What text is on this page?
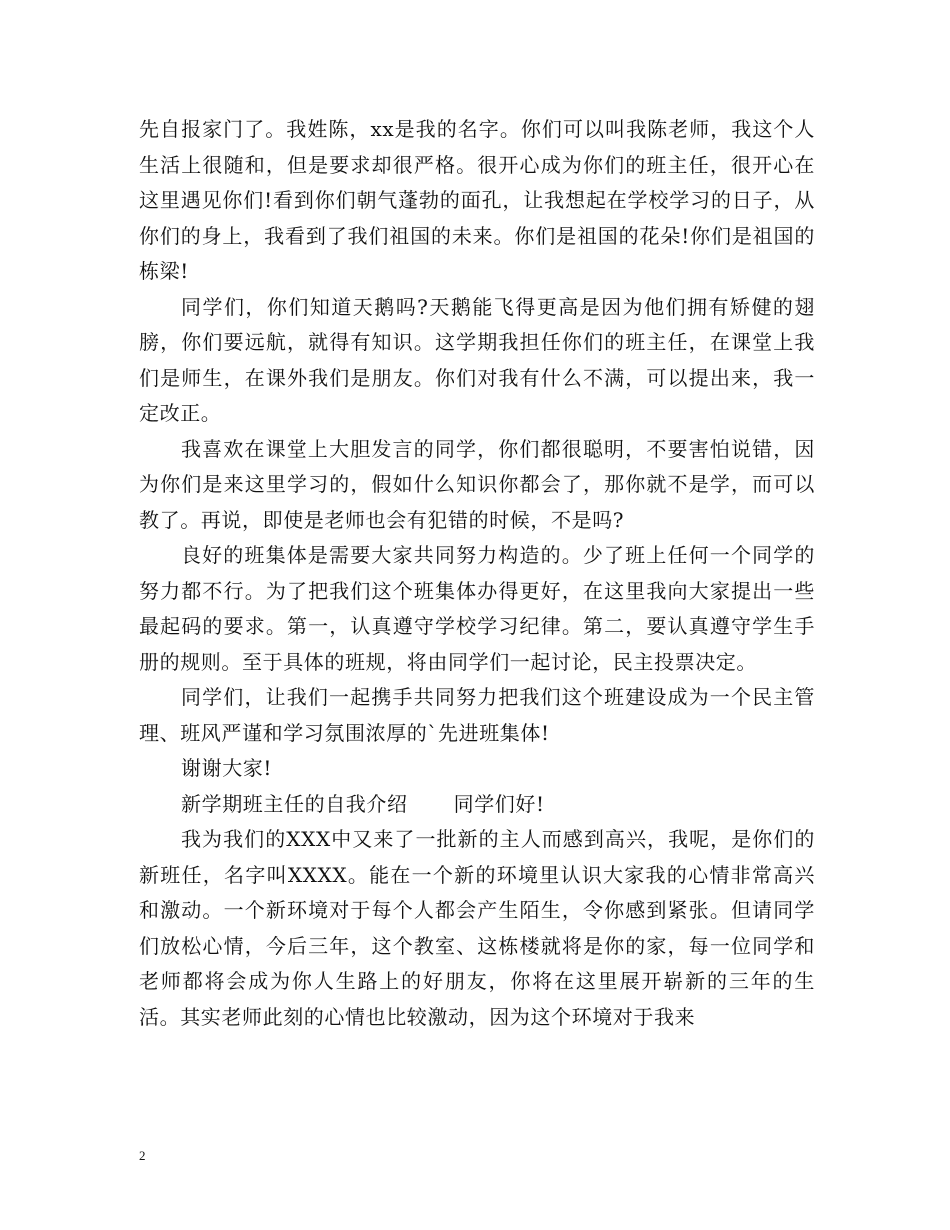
先自报家门了。我姓陈，xx是我的名字。你们可以叫我陈老师，我这个人生活上很随和，但是要求却很严格。很开心成为你们的班主任，很开心在这里遇见你们!看到你们朝气蓬勃的面孔，让我想起在学校学习的日子，从你们的身上，我看到了我们祖国的未来。你们是祖国的花朵!你们是祖国的栋梁!

同学们，你们知道天鹅吗?天鹅能飞得更高是因为他们拥有矫健的翅膀，你们要远航，就得有知识。这学期我担任你们的班主任，在课堂上我们是师生，在课外我们是朋友。你们对我有什么不满，可以提出来，我一定改正。

我喜欢在课堂上大胆发言的同学，你们都很聪明，不要害怕说错，因为你们是来这里学习的，假如什么知识你都会了，那你就不是学，而可以教了。再说，即使是老师也会有犯错的时候，不是吗?

良好的班集体是需要大家共同努力构造的。少了班上任何一个同学的努力都不行。为了把我们这个班集体办得更好，在这里我向大家提出一些最起码的要求。第一，认真遵守学校学习纪律。第二，要认真遵守学生手册的规则。至于具体的班规，将由同学们一起讨论，民主投票决定。

同学们，让我们一起携手共同努力把我们这个班建设成为一个民主管理、班风严谨和学习氛围浓厚的`先进班集体!

谢谢大家!

新学期班主任的自我介绍 同学们好!

我为我们的XXX中又来了一批新的主人而感到高兴，我呢，是你们的新班任，名字叫XXXX。能在一个新的环境里认识大家我的心情非常高兴和激动。一个新环境对于每个人都会产生陌生，令你感到紧张。但请同学们放松心情，今后三年，这个教室、这栋楼就将是你的家，每一位同学和老师都将会成为你人生路上的好朋友，你将在这里展开崭新的三年的生活。其实老师此刻的心情也比较激动，因为这个环境对于我来

2
